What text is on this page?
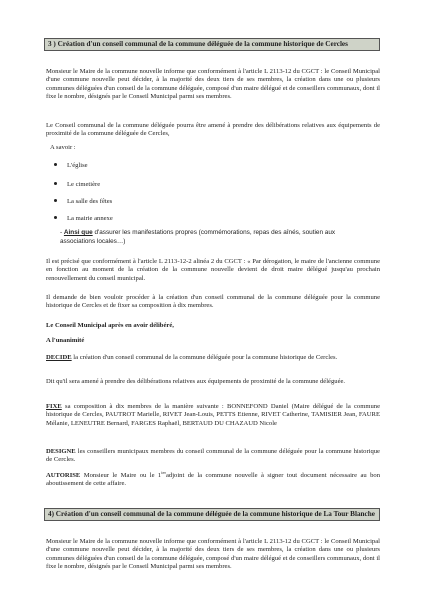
3 ) Création d'un conseil communal de la commune déléguée de la commune historique de Cercles

Monsieur le Maire de la commune nouvelle informe que conformément à l'article L 2113-12 du CGCT : le Conseil Municipal d'une commune nouvelle peut décider, à la majorité des deux tiers de ses membres, la création dans une ou plusieurs communes déléguées d'un conseil de la commune déléguée, composé d'un maire délégué et de conseillers communaux, dont il fixe le nombre, désignés par le Conseil Municipal parmi ses membres.

Le Conseil communal de la commune déléguée pourra être amené à prendre des délibérations relatives aux équipements de proximité de la commune déléguée de Cercles,

A savoir :

L'église
Le cimetière
La salle des fêtes
La mairie annexe
- Ainsi que d'assurer les manifestations propres (commémorations, repas des aînés, soutien aux associations locales…)

Il est précisé que conformément à l'article L 2113-12-2 alinéa 2 du CGCT : « Par dérogation, le maire de l'ancienne commune en fonction au moment de la création de la commune nouvelle devient de droit maire délégué jusqu'au prochain renouvellement du conseil municipal.

Il demande de bien vouloir procéder à la création d'un conseil communal de la commune déléguée pour la commune historique de Cercles et de fixer sa composition à dix membres.

Le Conseil Municipal après en avoir délibéré,

A l'unanimité

DECIDE la création d'un conseil communal de la commune déléguée pour la commune historique de Cercles.

Dit qu'il sera amené à prendre des délibérations relatives aux équipements de proximité de la commune déléguée.

FIXE sa composition à dix membres de la manière suivante : BONNEFOND Daniel (Maire délégué de la commune historique de Cercles, PAUTROT Marielle, RIVET Jean-Louis, PETTS Etienne, RIVET Catherine, TAMISIER Jean, FAURE Mélanie, LENEUTRE Bernard, FARGES Raphaël, BERTAUD DU CHAZAUD Nicole

DESIGNE les conseillers municipaux membres du conseil communal de la commune déléguée pour la commune historique de Cercles.

AUTORISE Monsieur le Maire ou le $1^{ier}adjoint$ de la commune nouvelle à signer tout document nécessaire au bon aboutissement de cette affaire.

4) Création d'un conseil communal de la commune déléguée de la commune historique de La Tour Blanche

Monsieur le Maire de la commune nouvelle informe que conformément à l'article L 2113-12 du CGCT : le Conseil Municipal d'une commune nouvelle peut décider, à la majorité des deux tiers de ses membres, la création dans une ou plusieurs communes déléguées d'un conseil de la commune déléguée, composé d'un maire délégué et de conseillers communaux, dont il fixe le nombre, désignés par le Conseil Municipal parmi ses membres.
